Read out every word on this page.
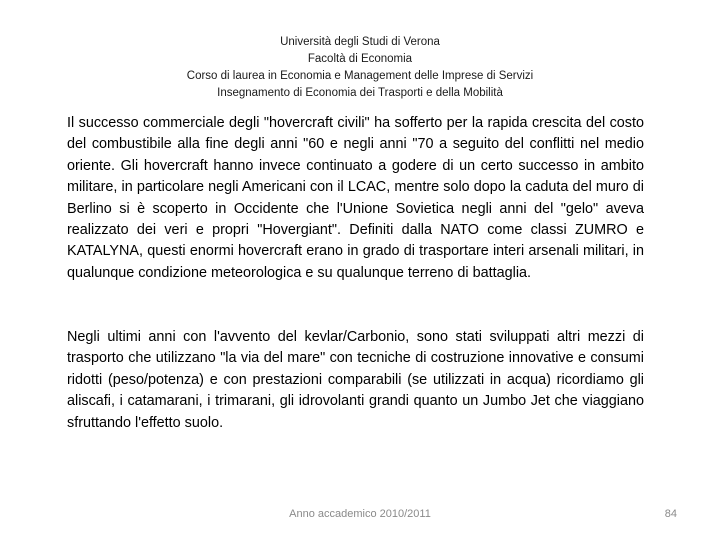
Università degli Studi di Verona
Facoltà di Economia
Corso di laurea in Economia e Management delle Imprese di Servizi
Insegnamento di Economia dei Trasporti e della Mobilità

Il successo commerciale degli "hovercraft civili" ha sofferto per la rapida crescita del costo del combustibile alla fine degli anni "60 e negli anni "70 a seguito del conflitti nel medio oriente. Gli hovercraft hanno invece continuato a godere di un certo successo in ambito militare, in particolare negli Americani con il LCAC, mentre solo dopo la caduta del muro di Berlino si è scoperto in Occidente che l'Unione Sovietica negli anni del "gelo" aveva realizzato dei veri e propri "Hovergiant". Definiti dalla NATO come classi ZUMRO e KATALYNA, questi enormi hovercraft erano in grado di trasportare interi arsenali militari, in qualunque condizione meteorologica e su qualunque terreno di battaglia.

Negli ultimi anni con l'avvento del kevlar/Carbonio, sono stati sviluppati altri mezzi di trasporto che utilizzano "la via del mare" con tecniche di costruzione innovative e consumi ridotti (peso/potenza) e con prestazioni comparabili (se utilizzati in acqua) ricordiamo gli aliscafi, i catamarani, i trimarani, gli idrovolanti grandi quanto un Jumbo Jet che viaggiano sfruttando l'effetto suolo.

Anno accademico 2010/2011	84
